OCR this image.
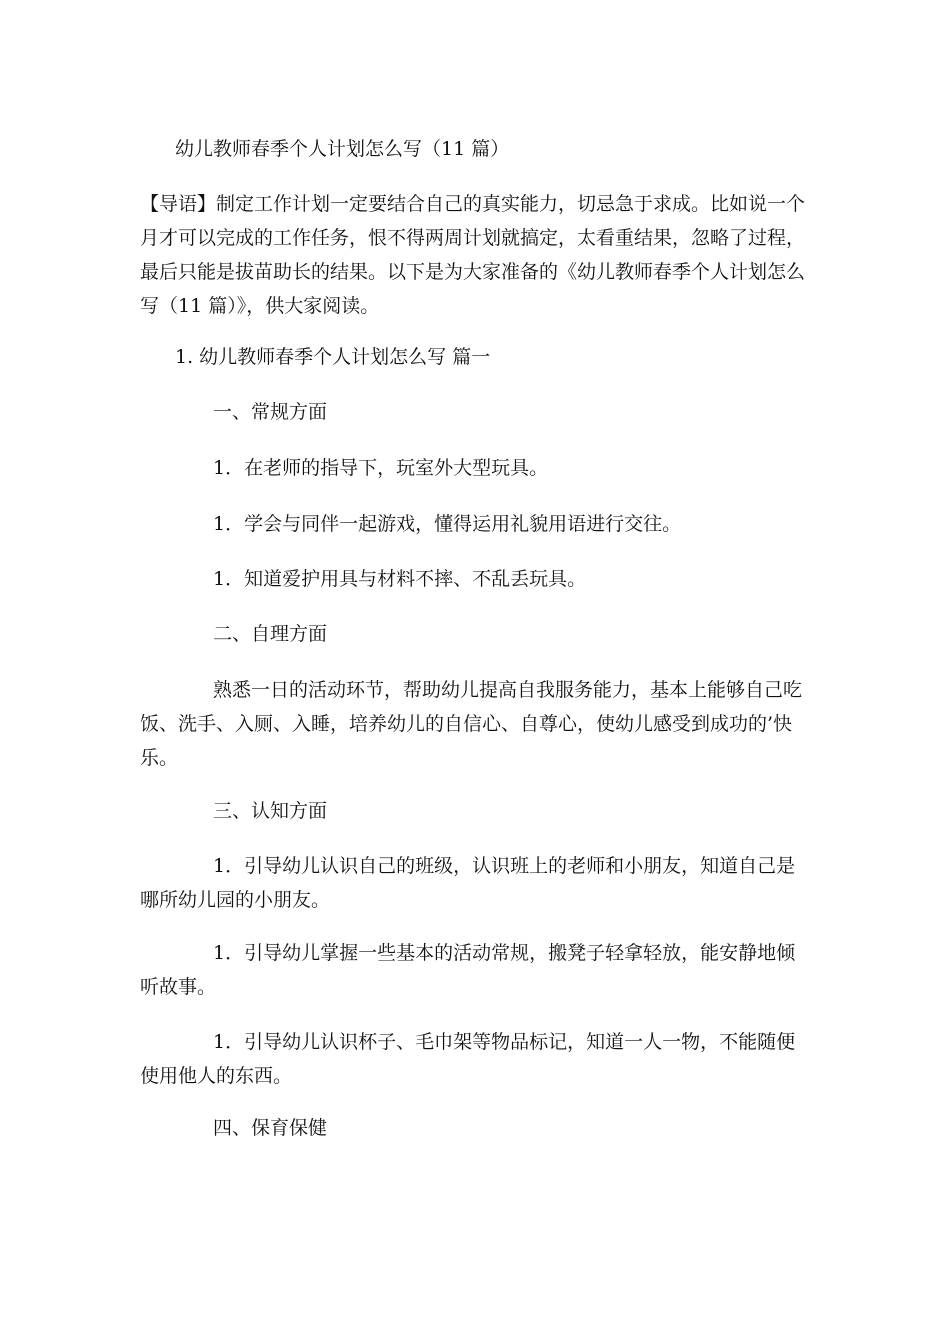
幼儿教师春季个人计划怎么写（11 篇）
【导语】制定工作计划一定要结合自己的真实能力，切忌急于求成。比如说一个月才可以完成的工作任务，恨不得两周计划就搞定，太看重结果，忽略了过程，最后只能是拔苗助长的结果。以下是为大家准备的《幼儿教师春季个人计划怎么写（11 篇）》，供大家阅读。
1. 幼儿教师春季个人计划怎么写 篇一
一、常规方面
1．在老师的指导下，玩室外大型玩具。
1．学会与同伴一起游戏，懂得运用礼貌用语进行交往。
1．知道爱护用具与材料不摔、不乱丢玩具。
二、自理方面
熟悉一日的活动环节，帮助幼儿提高自我服务能力，基本上能够自己吃饭、洗手、入厕、入睡，培养幼儿的自信心、自尊心，使幼儿感受到成功的’快乐。
三、认知方面
1．引导幼儿认识自己的班级，认识班上的老师和小朋友，知道自己是哪所幼儿园的小朋友。
1．引导幼儿掌握一些基本的活动常规，搬凳子轻拿轻放，能安静地倾听故事。
1．引导幼儿认识杯子、毛巾架等物品标记，知道一人一物，不能随便使用他人的东西。
四、保育保健
